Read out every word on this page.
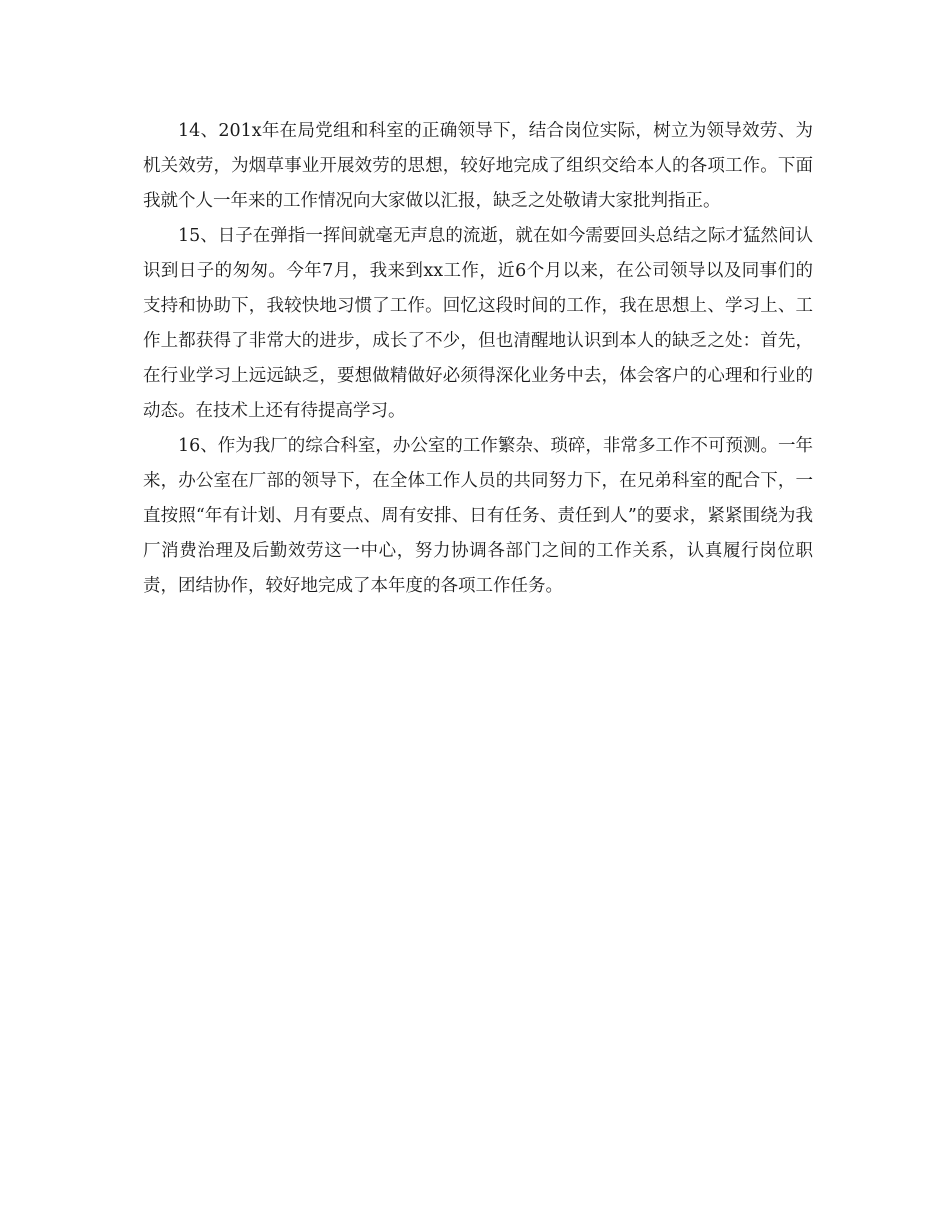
14、201x年在局党组和科室的正确领导下，结合岗位实际，树立为领导效劳、为机关效劳，为烟草事业开展效劳的思想，较好地完成了组织交给本人的各项工作。下面我就个人一年来的工作情况向大家做以汇报，缺乏之处敬请大家批判指正。

15、日子在弹指一挥间就毫无声息的流逝，就在如今需要回头总结之际才猛然间认识到日子的匆匆。今年7月，我来到xx工作，近6个月以来，在公司领导以及同事们的支持和协助下，我较快地习惯了工作。回忆这段时间的工作，我在思想上、学习上、工作上都获得了非常大的进步，成长了不少，但也清醒地认识到本人的缺乏之处：首先，在行业学习上远远缺乏，要想做精做好必须得深化业务中去，体会客户的心理和行业的动态。在技术上还有待提高学习。

16、作为我厂的综合科室，办公室的工作繁杂、琐碎，非常多工作不可预测。一年来，办公室在厂部的领导下，在全体工作人员的共同努力下，在兄弟科室的配合下，一直按照“年有计划、月有要点、周有安排、日有任务、责任到人”的要求，紧紧围绕为我厂消费治理及后勤效劳这一中心，努力协调各部门之间的工作关系，认真履行岗位职责，团结协作，较好地完成了本年度的各项工作任务。
